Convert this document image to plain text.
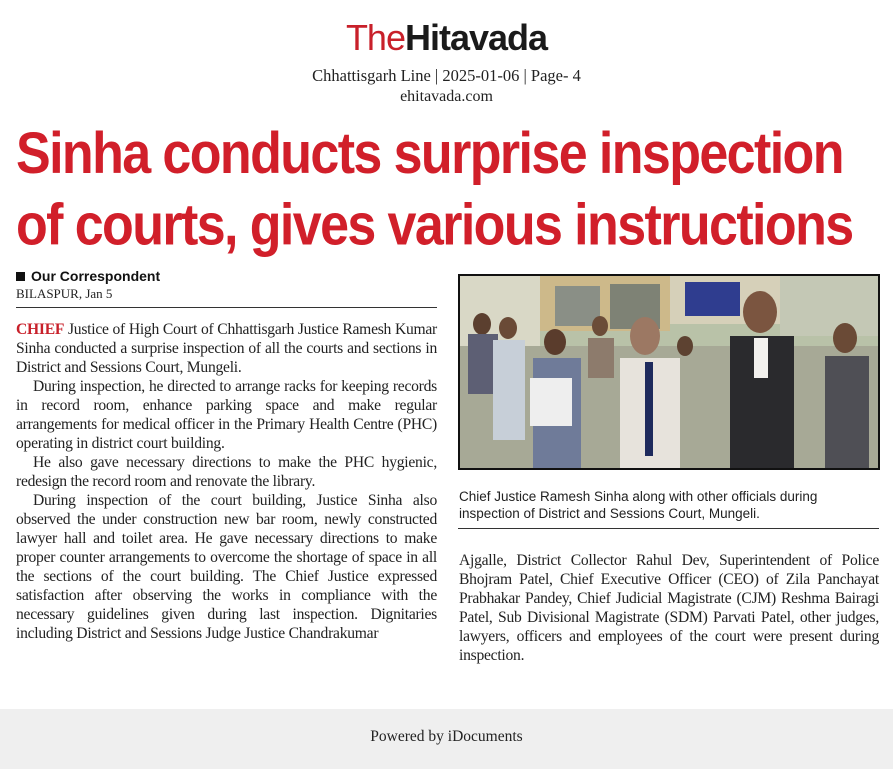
TheHitavada
Chhattisgarh Line | 2025-01-06 | Page- 4
ehitavada.com
Sinha conducts surprise inspection
of courts, gives various instructions
Our Correspondent
BILASPUR, Jan 5

CHIEF Justice of High Court of Chhattisgarh Justice Ramesh Kumar Sinha conducted a surprise inspection of all the courts and sections in District and Sessions Court, Mungeli.

During inspection, he directed to arrange racks for keeping records in record room, enhance parking space and make regular arrangements for medical officer in the Primary Health Centre (PHC) operating in district court building.

He also gave necessary directions to make the PHC hygienic, redesign the record room and renovate the library.

During inspection of the court building, Justice Sinha also observed the under construction new bar room, newly constructed lawyer hall and toilet area. He gave necessary directions to make proper counter arrangements to overcome the shortage of space in all the sections of the court building. The Chief Justice expressed satisfaction after observing the works in compliance with the necessary guidelines given during last inspection. Dignitaries including District and Sessions Judge Justice Chandrakumar

Chief Justice Ramesh Sinha along with other officials during inspection of District and Sessions Court, Mungeli.

Ajgalle, District Collector Rahul Dev, Superintendent of Police Bhojram Patel, Chief Executive Officer (CEO) of Zila Panchayat Prabhakar Pandey, Chief Judicial Magistrate (CJM) Reshma Bairagi Patel, Sub Divisional Magistrate (SDM) Parvati Patel, other judges, lawyers, officers and employees of the court were present during inspection.

Powered by iDocuments
